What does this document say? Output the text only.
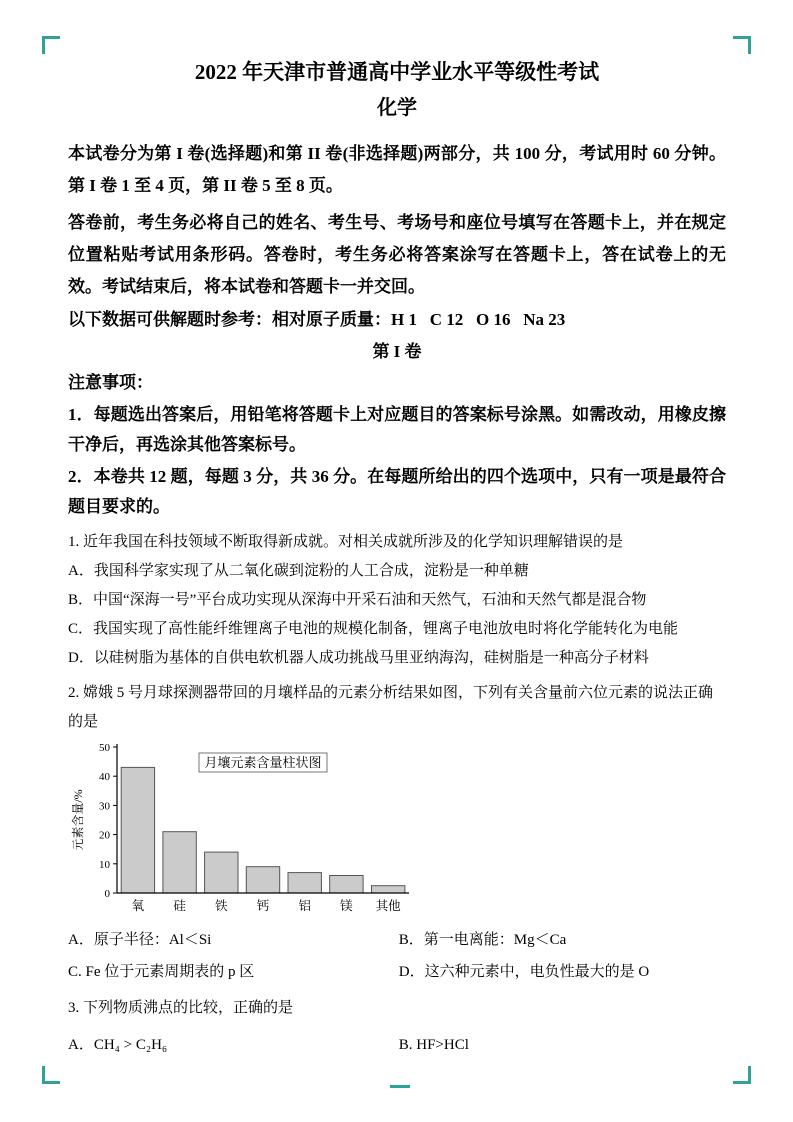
2022 年天津市普通高中学业水平等级性考试
化学
本试卷分为第 I 卷(选择题)和第 II 卷(非选择题)两部分，共 100 分，考试用时 60 分钟。第 I 卷 1 至 4 页，第 II 卷 5 至 8 页。
答卷前，考生务必将自己的姓名、考生号、考场号和座位号填写在答题卡上，并在规定位置粘贴考试用条形码。答卷时，考生务必将答案涂写在答题卡上，答在试卷上的无效。考试结束后，将本试卷和答题卡一并交回。
以下数据可供解题时参考：相对原子质量：H 1   C 12   O 16   Na 23
第 I 卷
注意事项：
1．每题选出答案后，用铅笔将答题卡上对应题目的答案标号涂黑。如需改动，用橡皮擦干净后，再选涂其他答案标号。
2．本卷共 12 题，每题 3 分，共 36 分。在每题所给出的四个选项中，只有一项是最符合题目要求的。
1. 近年我国在科技领域不断取得新成就。对相关成就所涉及的化学知识理解错误的是
A．我国科学家实现了从二氧化碳到淀粉的人工合成，淀粉是一种单糖
B．中国“深海一号”平台成功实现从深海中开采石油和天然气，石油和天然气都是混合物
C．我国实现了高性能纤维锂离子电池的规模化制备，锂离子电池放电时将化学能转化为电能
D．以硅树脂为基体的自供电软机器人成功挑战马里亚纳海沟，硅树脂是一种高分子材料
2. 嫦娥 5 号月球探测器带回的月壤样品的元素分析结果如图，下列有关含量前六位元素的说法正确的是
0
10
20
30
40
50
氧 硅 铁 钙 铝 镁 其他
月壤元素含量柱状图
元素含量/%
A．原子半径：Al＜Si	B．第一电离能：Mg＜Ca
C. Fe 位于元素周期表的 p 区	D．这六种元素中，电负性最大的是 O
3. 下列物质沸点的比较，正确的是
A．CH₄ > C₂H₆	B. HF>HCl
